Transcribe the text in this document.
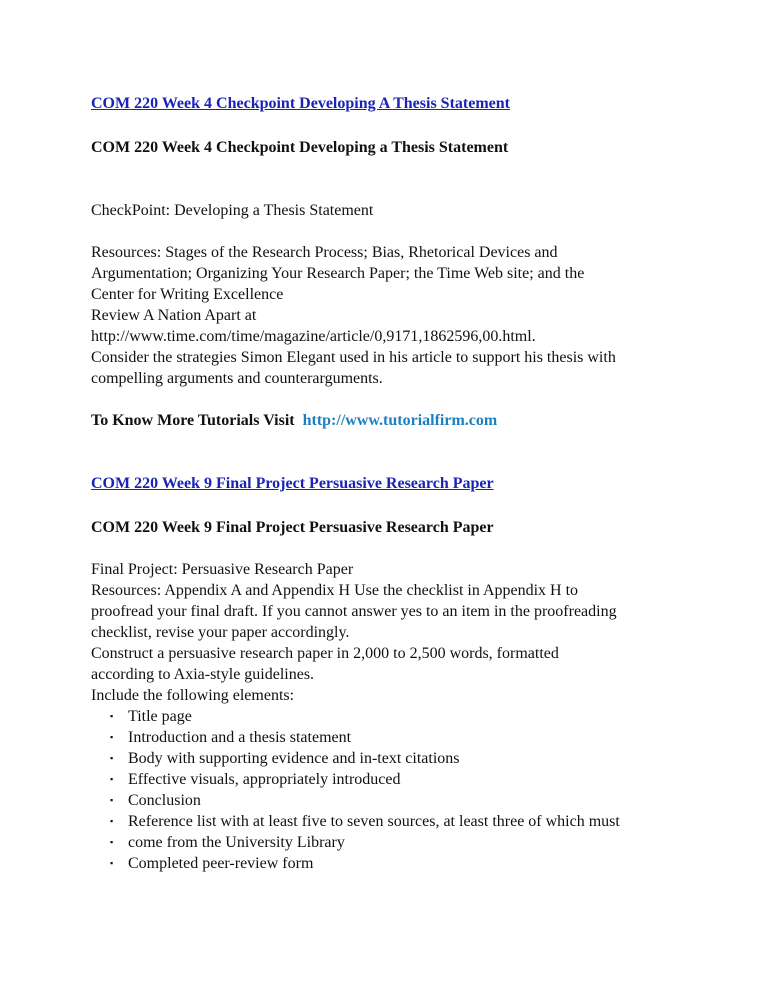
COM 220 Week 4 Checkpoint Developing A Thesis Statement
COM 220 Week 4 Checkpoint Developing a Thesis Statement
CheckPoint: Developing a Thesis Statement
Resources: Stages of the Research Process; Bias, Rhetorical Devices and
Argumentation; Organizing Your Research Paper; the Time Web site; and the
Center for Writing Excellence
Review A Nation Apart at
http://www.time.com/time/magazine/article/0,9171,1862596,00.html.
Consider the strategies Simon Elegant used in his article to support his thesis with
compelling arguments and counterarguments.
To Know More Tutorials Visit http://www.tutorialfirm.com
COM 220 Week 9 Final Project Persuasive Research Paper
COM 220 Week 9 Final Project Persuasive Research Paper
Final Project: Persuasive Research Paper
Resources: Appendix A and Appendix H Use the checklist in Appendix H to
proofread your final draft. If you cannot answer yes to an item in the proofreading
checklist, revise your paper accordingly.
Construct a persuasive research paper in 2,000 to 2,500 words, formatted
according to Axia-style guidelines.
Include the following elements:
▪ Title page
▪ Introduction and a thesis statement
▪ Body with supporting evidence and in-text citations
▪ Effective visuals, appropriately introduced
▪ Conclusion
▪ Reference list with at least five to seven sources, at least three of which must
▪ come from the University Library
▪ Completed peer-review form
